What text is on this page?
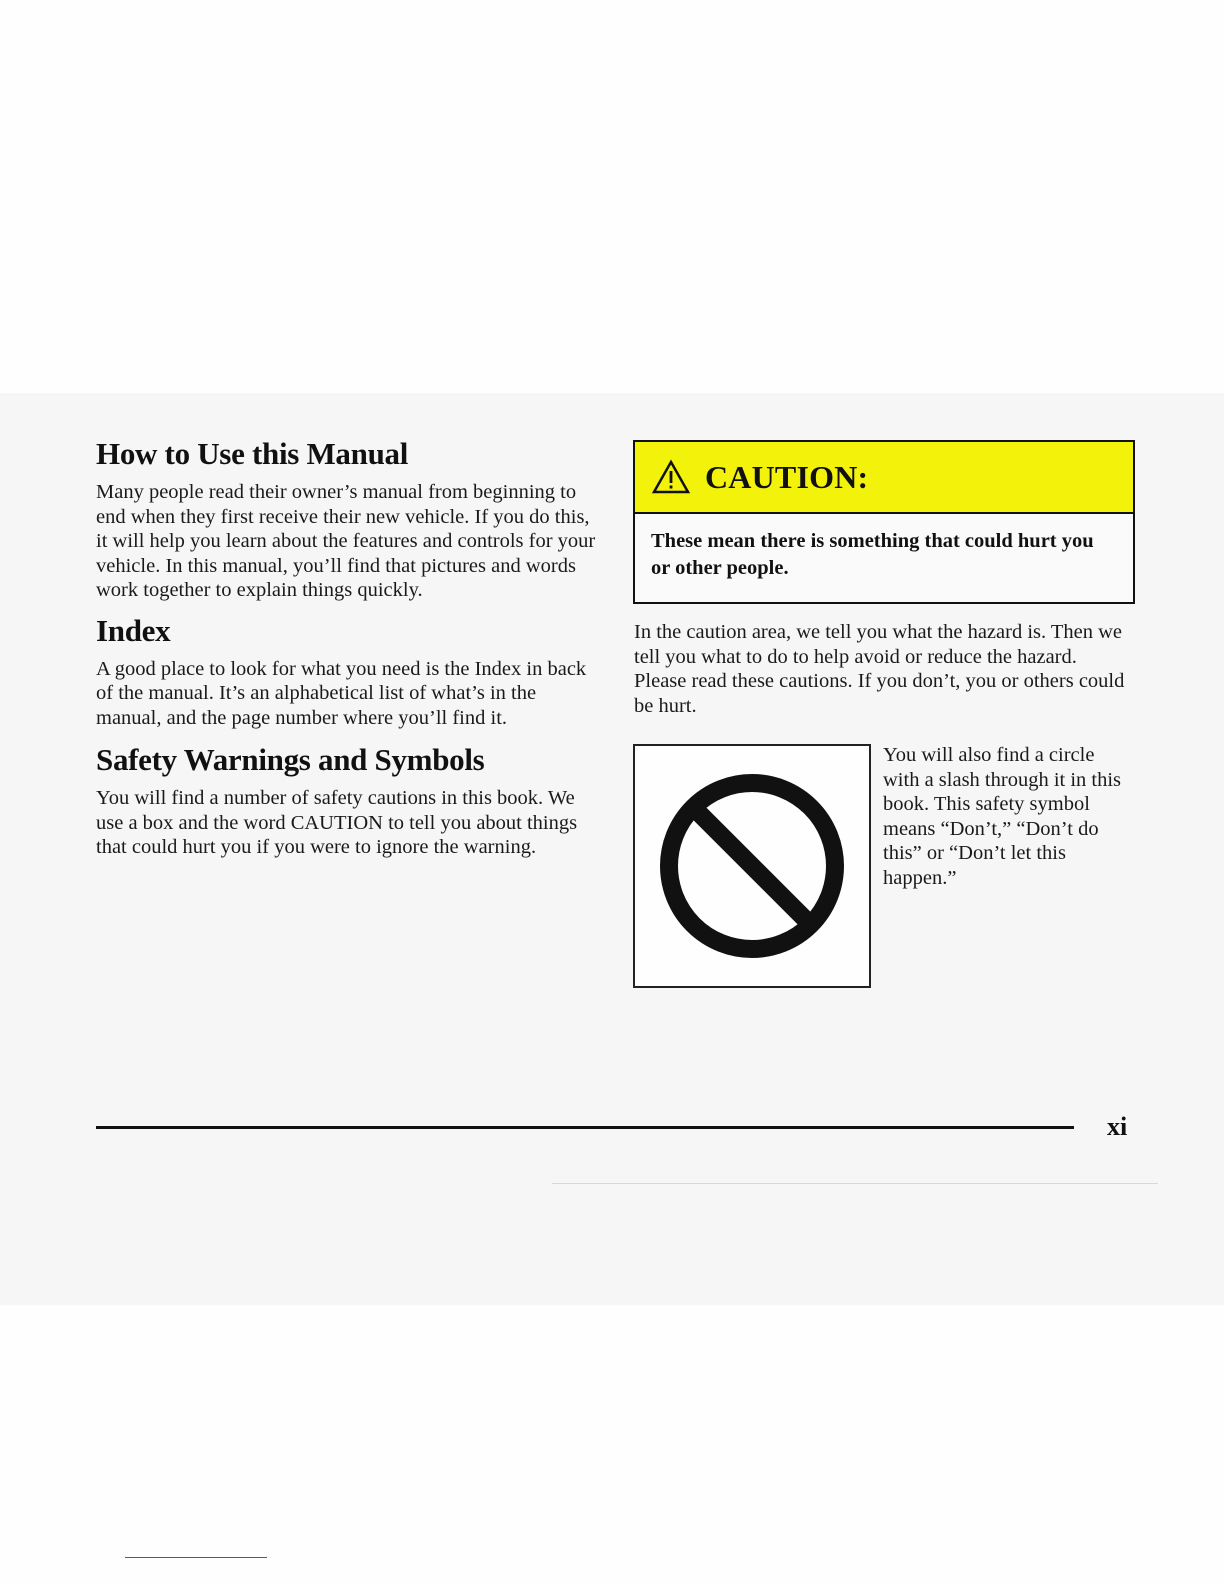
How to Use this Manual

Many people read their owner’s manual from beginning to end when they first receive their new vehicle. If you do this, it will help you learn about the features and controls for your vehicle. In this manual, you’ll find that pictures and words work together to explain things quickly.

Index

A good place to look for what you need is the Index in back of the manual. It’s an alphabetical list of what’s in the manual, and the page number where you’ll find it.

Safety Warnings and Symbols

You will find a number of safety cautions in this book. We use a box and the word CAUTION to tell you about things that could hurt you if you were to ignore the warning.

CAUTION:
These mean there is something that could hurt you or other people.

In the caution area, we tell you what the hazard is. Then we tell you what to do to help avoid or reduce the hazard. Please read these cautions. If you don’t, you or others could be hurt.

You will also find a circle with a slash through it in this book. This safety symbol means “Don’t,” “Don’t do this” or “Don’t let this happen.”

xi
